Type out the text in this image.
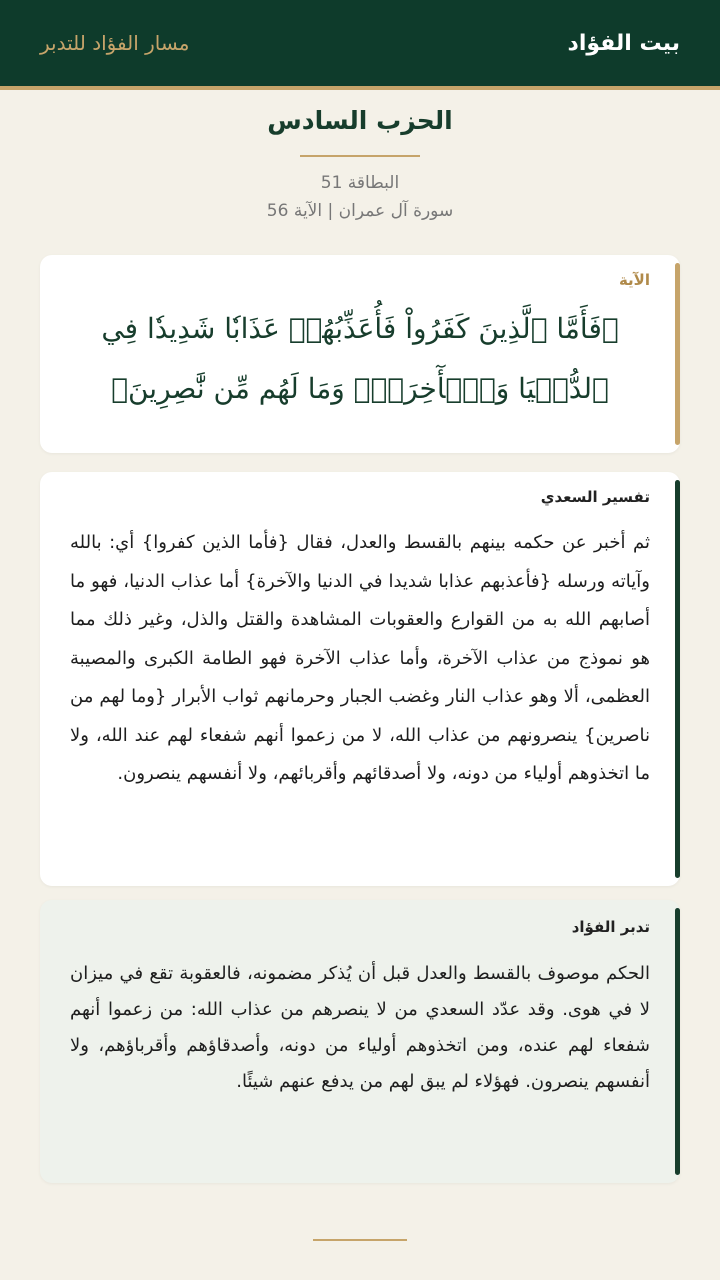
بيت الفؤاد
مسار الفؤاد للتدبر
الحزب السادس
البطاقة 51
سورة آل عمران | الآية 56
الآية
﴿فَأَمَّا ٱلَّذِينَ كَفَرُواْ فَأُعَذِّبُهُمۡ عَذَابٗا شَدِيدٗا فِي ٱلدُّنۡيَا وَٱلۡأٓخِرَةِۖ وَمَا لَهُم مِّن نَّٰصِرِينَ﴾
تفسير السعدي
ثم أخبر عن حكمه بينهم بالقسط والعدل، فقال {فأما الذين كفروا} أي: بالله وآياته ورسله {فأعذبهم عذابا شديدا في الدنيا والآخرة} أما عذاب الدنيا، فهو ما أصابهم الله به من القوارع والعقوبات المشاهدة والقتل والذل، وغير ذلك مما هو نموذج من عذاب الآخرة، وأما عذاب الآخرة فهو الطامة الكبرى والمصيبة العظمى، ألا وهو عذاب النار وغضب الجبار وحرمانهم ثواب الأبرار {وما لهم من ناصرين} ينصرونهم من عذاب الله، لا من زعموا أنهم شفعاء لهم عند الله، ولا ما اتخذوهم أولياء من دونه، ولا أصدقائهم وأقربائهم، ولا أنفسهم ينصرون.
تدبر الفؤاد
الحكم موصوف بالقسط والعدل قبل أن يُذكر مضمونه، فالعقوبة تقع في ميزان لا في هوى. وقد عدّد السعدي من لا ينصرهم من عذاب الله: من زعموا أنهم شفعاء لهم عنده، ومن اتخذوهم أولياء من دونه، وأصدقاؤهم وأقرباؤهم، ولا أنفسهم ينصرون. فهؤلاء لم يبق لهم من يدفع عنهم شيئًا.
